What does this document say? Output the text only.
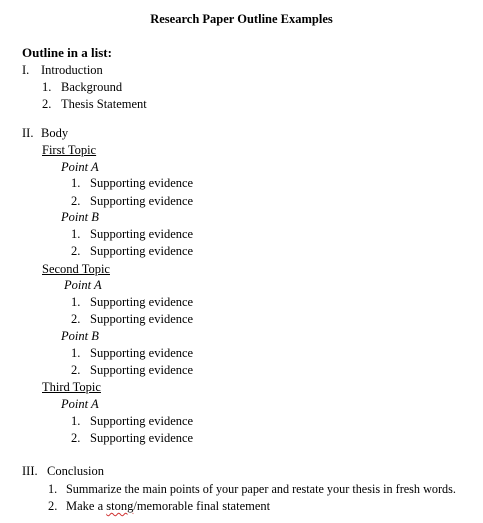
Research Paper Outline Examples
Outline in a list:
I. Introduction
1. Background
2. Thesis Statement
II. Body
First Topic
Point A
1. Supporting evidence
2. Supporting evidence
Point B
1. Supporting evidence
2. Supporting evidence
Second Topic
Point A
1. Supporting evidence
2. Supporting evidence
Point B
1. Supporting evidence
2. Supporting evidence
Third Topic
Point A
1. Supporting evidence
2. Supporting evidence
III. Conclusion
1. Summarize the main points of your paper and restate your thesis in fresh words.
2. Make a stong/memorable final statement
